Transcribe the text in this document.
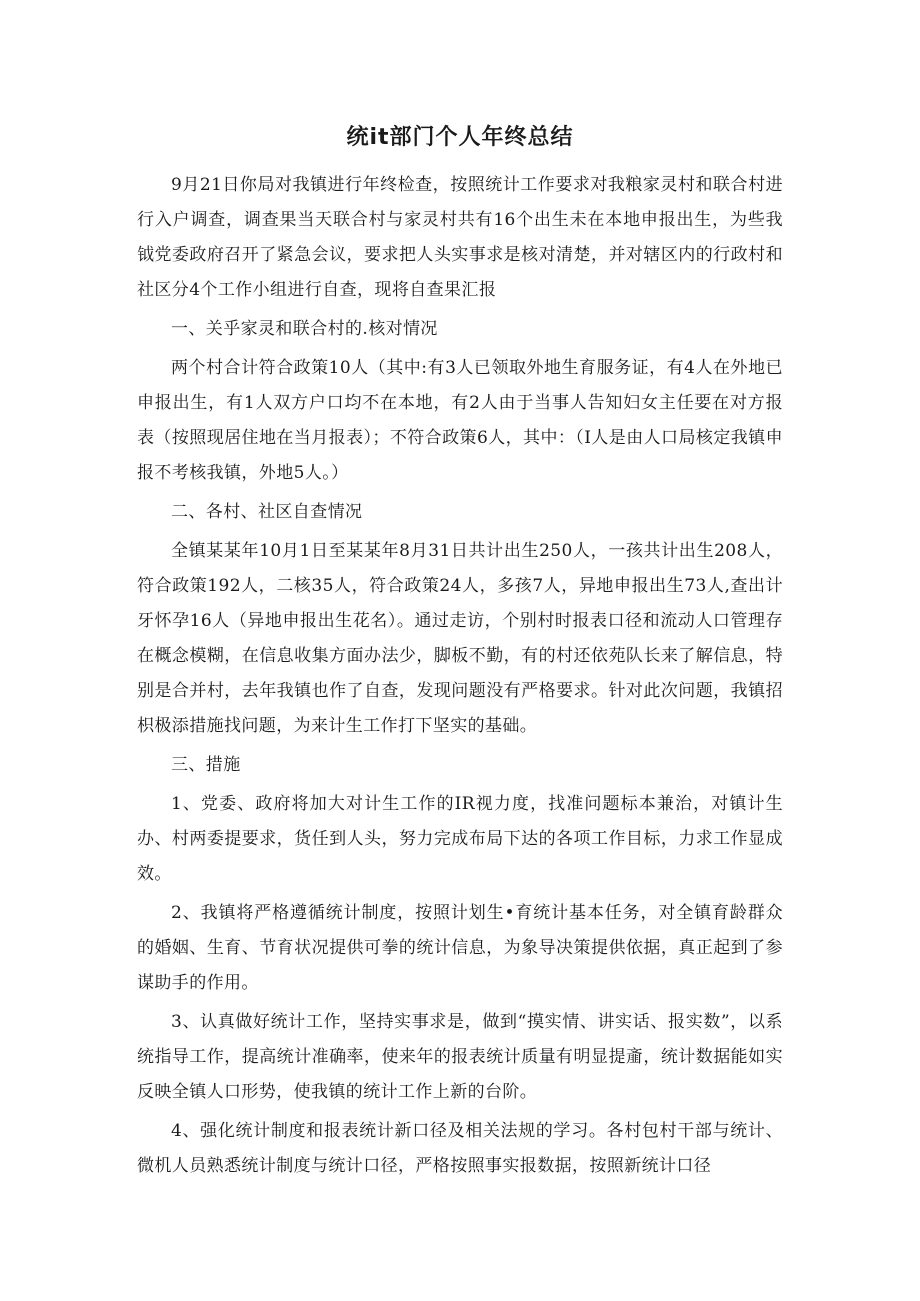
统it部门个人年终总结

9月21日你局对我镇进行年终检查，按照统计工作要求对我粮家灵村和联合村进行入户调查，调查果当天联合村与家灵村共有16个出生未在本地申报出生，为些我钺党委政府召开了紧急会议，要求把人头实事求是核对清楚，并对辖区内的行政村和社区分4个工作小组进行自查，现将自查果汇报

一、关乎家灵和联合村的.核对情况

两个村合计符合政策10人（其中:有3人已领取外地生育服务证，有4人在外地已申报出生，有1人双方户口均不在本地，有2人由于当事人告知妇女主任要在对方报表（按照现居住地在当月报表）；不符合政策6人，其中：（I人是由人口局核定我镇申报不考核我镇，外地5人。）

二、各村、社区自查情况

全镇某某年10月1日至某某年8月31日共计出生250人，一孩共计出生208人，符合政策192人，二核35人，符合政策24人，多孩7人，异地申报出生73人,查出计牙怀孕16人（异地申报出生花名）。通过走访，个别村时报表口径和流动人口管理存在概念模糊，在信息收集方面办法少，脚板不勤，有的村还依苑队长来了解信息，特别是合并村，去年我镇也作了自查，发现问题没有严格要求。针对此次问题，我镇招枳极添措施找问题，为来计生工作打下坚实的基础。

三、措施

1、党委、政府将加大对计生工作的IR视力度，找准问题标本兼治，对镇计生办、村两委提要求，货任到人头，努力完成布局下达的各项工作目标，力求工作显成效。

2、我镇将严格遵循统计制度，按照计划生•育统计基本任务，对全镇育龄群众的婚姻、生育、节育状况提供可拳的统计信息，为象导决策提供依据，真正起到了参谋助手的作用。

3、认真做好统计工作，坚持实事求是，做到“摸实情、讲实话、报实数”，以系统指导工作，提高统计准确率，使来年的报表统计质量有明显提齑，统计数据能如实反映全镇人口形势，使我镇的统计工作上新的台阶。

4、强化统计制度和报表统计新口径及相关法规的学习。各村包村干部与统计、微机人员熟悉统计制度与统计口径，严格按照事实报数据，按照新统计口径
